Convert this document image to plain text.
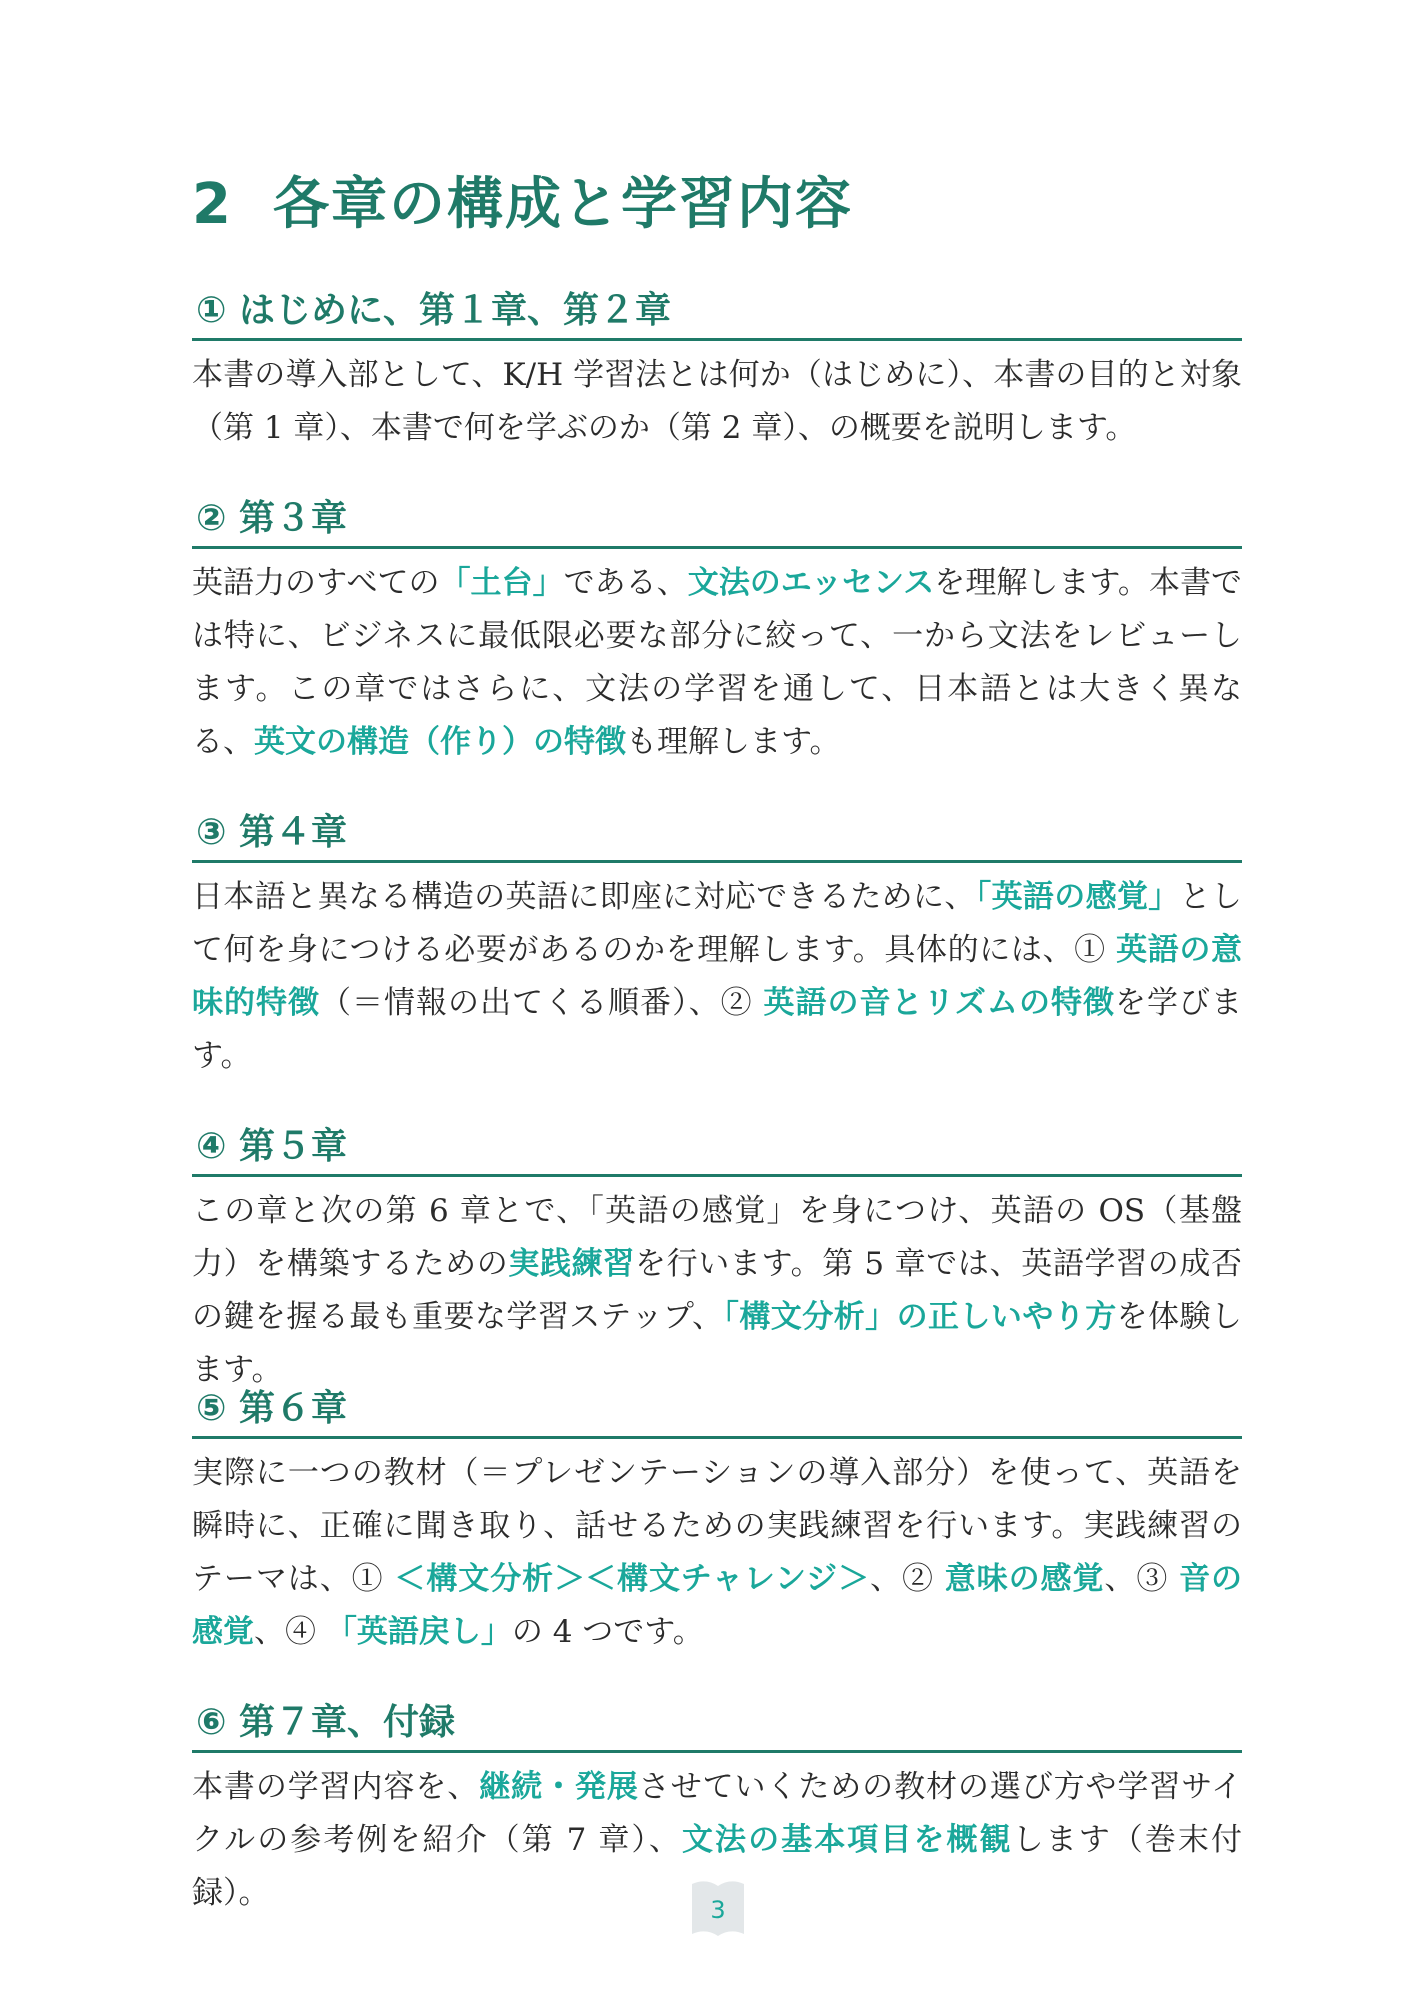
2 各章の構成と学習内容
① はじめに、第１章、第２章

本書の導入部として、K/H 学習法とは何か（はじめに）、本書の目的と対象（第 1 章）、本書で何を学ぶのか（第 2 章）、の概要を説明します。

② 第３章

英語力のすべての「土台」である、文法のエッセンスを理解します。本書では特に、ビジネスに最低限必要な部分に絞って、一から文法をレビューします。この章ではさらに、文法の学習を通して、日本語とは大きく異なる、英文の構造（作り）の特徴も理解します。

③ 第４章

日本語と異なる構造の英語に即座に対応できるために、「英語の感覚」として何を身につける必要があるのかを理解します。具体的には、① 英語の意味的特徴（＝情報の出てくる順番）、② 英語の音とリズムの特徴を学びます。

④ 第５章

この章と次の第 6 章とで、「英語の感覚」を身につけ、英語の OS（基盤力）を構築するための実践練習を行います。第 5 章では、英語学習の成否の鍵を握る最も重要な学習ステップ、「構文分析」の正しいやり方を体験します。

⑤ 第６章

実際に一つの教材（＝プレゼンテーションの導入部分）を使って、英語を瞬時に、正確に聞き取り、話せるための実践練習を行います。実践練習のテーマは、① ＜構文分析＞＜構文チャレンジ＞、② 意味の感覚、③ 音の感覚、④ 「英語戻し」の 4 つです。

⑥ 第７章、付録

本書の学習内容を、継続・発展させていくための教材の選び方や学習サイクルの参考例を紹介（第 7 章）、文法の基本項目を概観します（巻末付録）。	3
